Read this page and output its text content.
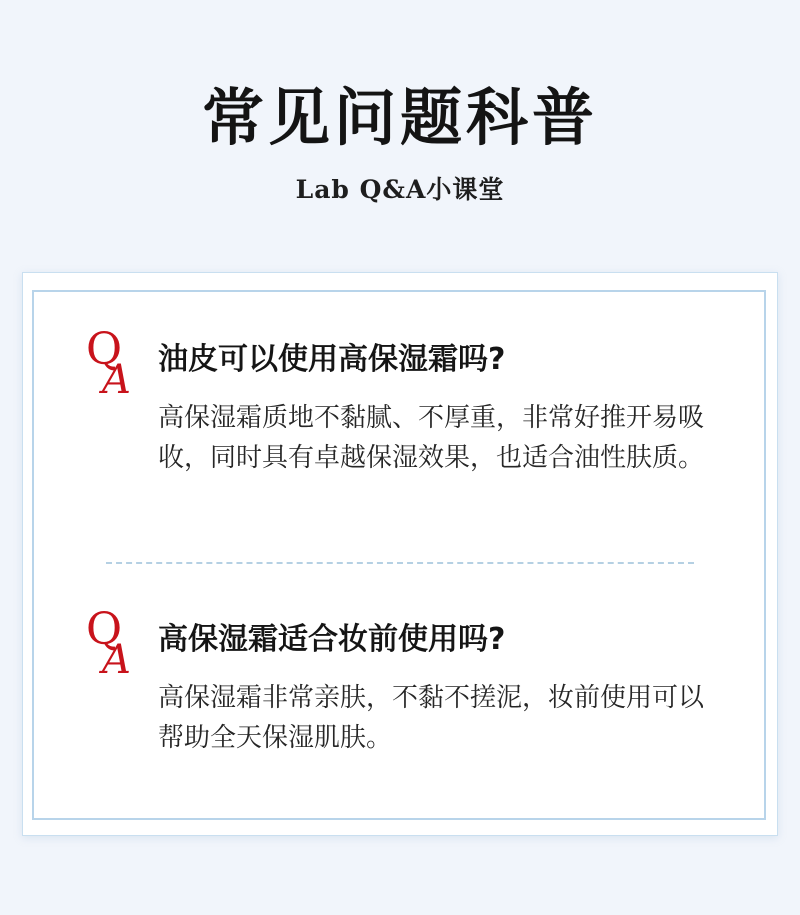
常见问题科普
Lab Q&A小课堂
Q
A 油皮可以使用高保湿霜吗?
高保湿霜质地不黏腻、不厚重，非常好推开易吸收，同时具有卓越保湿效果，也适合油性肤质。
Q
A 高保湿霜适合妆前使用吗?
高保湿霜非常亲肤，不黏不搓泥，妆前使用可以帮助全天保湿肌肤。
